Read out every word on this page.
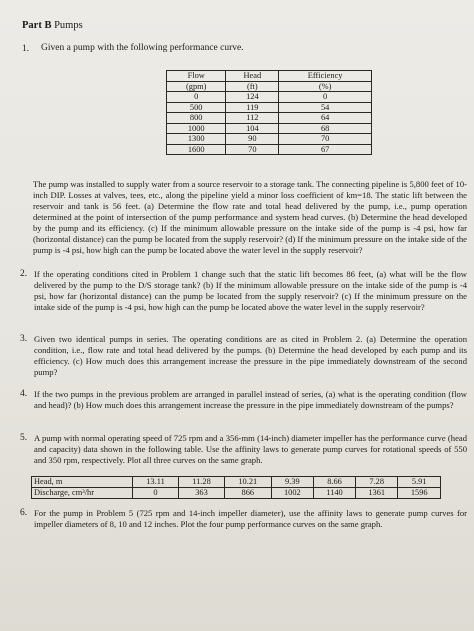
Part B Pumps
1. Given a pump with the following performance curve.
Flow	Head	Efficiency
(gpm)	(ft)	(%)
0	124	0
500	119	54
800	112	64
1000	104	68
1300	90	70
1600	70	67
The pump was installed to supply water from a source reservoir to a storage tank. The connecting pipeline is 5,800 feet of 10-inch DIP. Losses at valves, tees, etc., along the pipeline yield a minor loss coefficient of km=18. The static lift between the reservoir and tank is 56 feet. (a) Determine the flow rate and total head delivered by the pump, i.e., pump operation determined at the point of intersection of the pump performance and system head curves. (b) Determine the head developed by the pump and its efficiency. (c) If the minimum allowable pressure on the intake side of the pump is -4 psi, how far (horizontal distance) can the pump be located from the supply reservoir? (d) If the minimum pressure on the intake side of the pump is -4 psi, how high can the pump be located above the water level in the supply reservoir?
2. If the operating conditions cited in Problem 1 change such that the static lift becomes 86 feet, (a) what will be the flow delivered by the pump to the D/S storage tank? (b) If the minimum allowable pressure on the intake side of the pump is -4 psi, how far (horizontal distance) can the pump be located from the supply reservoir? (c) If the minimum pressure on the intake side of the pump is -4 psi, how high can the pump be located above the water level in the supply reservoir?
3. Given two identical pumps in series. The operating conditions are as cited in Problem 2. (a) Determine the operation condition, i.e., flow rate and total head delivered by the pumps. (b) Determine the head developed by each pump and its efficiency. (c) How much does this arrangement increase the pressure in the pipe immediately downstream of the second pump?
4. If the two pumps in the previous problem are arranged in parallel instead of series, (a) what is the operating condition (flow and head)? (b) How much does this arrangement increase the pressure in the pipe immediately downstream of the pumps?
5. A pump with normal operating speed of 725 rpm and a 356-mm (14-inch) diameter impeller has the performance curve (head and capacity) data shown in the following table. Use the affinity laws to generate pump curves for rotational speeds of 550 and 350 rpm, respectively. Plot all three curves on the same graph.
Head, m	13.11	11.28	10.21	9.39	8.66	7.28	5.91
Discharge, cm³/hr	0	363	866	1002	1140	1361	1596
6. For the pump in Problem 5 (725 rpm and 14-inch impeller diameter), use the affinity laws to generate pump curves for impeller diameters of 8, 10 and 12 inches. Plot the four pump performance curves on the same graph.
